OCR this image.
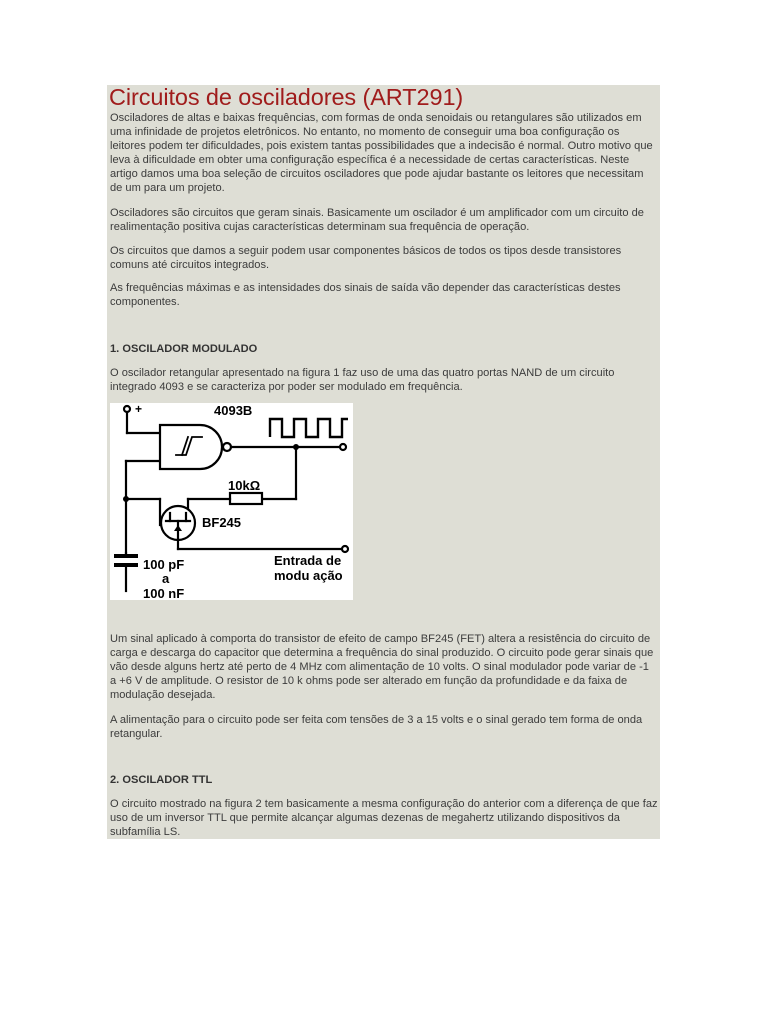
Circuitos de osciladores (ART291)

Osciladores de altas e baixas frequências, com formas de onda senoidais ou retangulares são utilizados em uma infinidade de projetos eletrônicos. No entanto, no momento de conseguir uma boa configuração os leitores podem ter dificuldades, pois existem tantas possibilidades que a indecisão é normal. Outro motivo que leva à dificuldade em obter uma configuração específica é a necessidade de certas características. Neste artigo damos uma boa seleção de circuitos osciladores que pode ajudar bastante os leitores que necessitam de um para um projeto.

Osciladores são circuitos que geram sinais. Basicamente um oscilador é um amplificador com um circuito de realimentação positiva cujas características determinam sua frequência de operação.

Os circuitos que damos a seguir podem usar componentes básicos de todos os tipos desde transistores comuns até circuitos integrados.

As frequências máximas e as intensidades dos sinais de saída vão depender das características destes componentes.

1. OSCILADOR MODULADO

O oscilador retangular apresentado na figura 1 faz uso de uma das quatro portas NAND de um circuito integrado 4093 e se caracteriza por poder ser modulado em frequência.

+	4093B
10kΩ
BF245
Entrada de
modu ação
100 pF
a
100 nF

Um sinal aplicado à comporta do transistor de efeito de campo BF245 (FET) altera a resistência do circuito de carga e descarga do capacitor que determina a frequência do sinal produzido. O circuito pode gerar sinais que vão desde alguns hertz até perto de 4 MHz com alimentação de 10 volts. O sinal modulador pode variar de -1 a +6 V de amplitude. O resistor de 10 k ohms pode ser alterado em função da profundidade e da faixa de modulação desejada.

A alimentação para o circuito pode ser feita com tensões de 3 a 15 volts e o sinal gerado tem forma de onda retangular.

2. OSCILADOR TTL

O circuito mostrado na figura 2 tem basicamente a mesma configuração do anterior com a diferença de que faz uso de um inversor TTL que permite alcançar algumas dezenas de megahertz utilizando dispositivos da subfamília LS.
